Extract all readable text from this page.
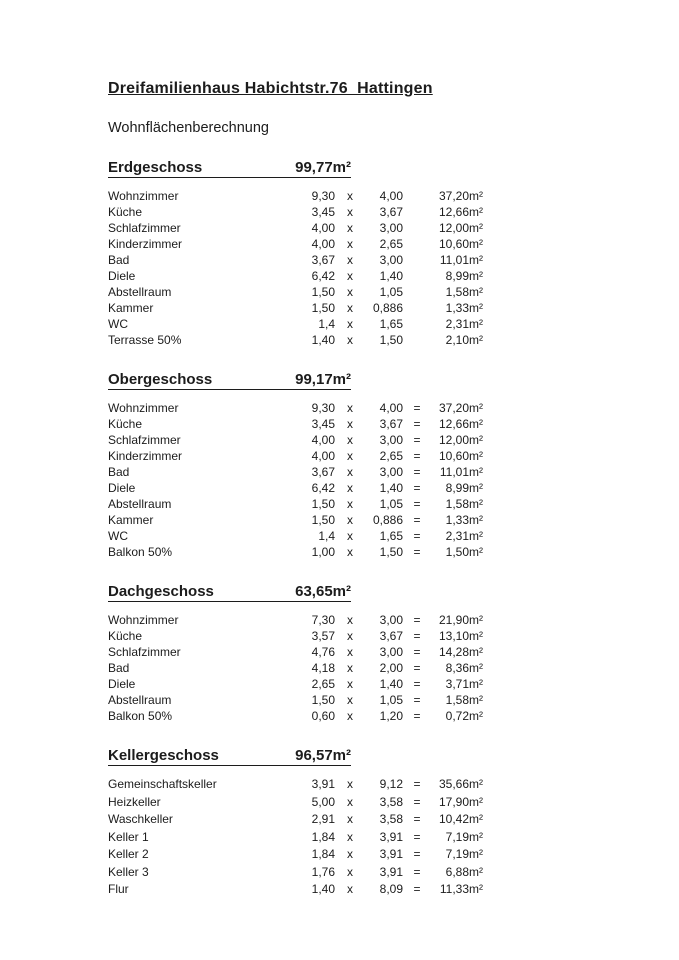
Dreifamilienhaus Habichtstr.76  Hattingen
Wohnflächenberechnung
Erdgeschoss	99,77m²
Wohnzimmer	9,30	x	4,00	37,20m²
Küche	3,45	x	3,67	12,66m²
Schlafzimmer	4,00	x	3,00	12,00m²
Kinderzimmer	4,00	x	2,65	10,60m²
Bad	3,67	x	3,00	11,01m²
Diele	6,42	x	1,40	8,99m²
Abstellraum	1,50	x	1,05	1,58m²
Kammer	1,50	x	0,886	1,33m²
WC	1,4	x	1,65	2,31m²
Terrasse 50%	1,40	x	1,50	2,10m²
Obergeschoss	99,17m²
Wohnzimmer	9,30	x	4,00 =	37,20m²
Küche	3,45	x	3,67 =	12,66m²
Schlafzimmer	4,00	x	3,00 =	12,00m²
Kinderzimmer	4,00	x	2,65 =	10,60m²
Bad	3,67	x	3,00 =	11,01m²
Diele	6,42	x	1,40 =	8,99m²
Abstellraum	1,50	x	1,05 =	1,58m²
Kammer	1,50	x	0,886 =	1,33m²
WC	1,4	x	1,65 =	2,31m²
Balkon 50%	1,00	x	1,50 =	1,50m²
Dachgeschoss	63,65m²
Wohnzimmer	7,30	x	3,00 =	21,90m²
Küche	3,57	x	3,67 =	13,10m²
Schlafzimmer	4,76	x	3,00 =	14,28m²
Bad	4,18	x	2,00 =	8,36m²
Diele	2,65	x	1,40 =	3,71m²
Abstellraum	1,50	x	1,05 =	1,58m²
Balkon 50%	0,60	x	1,20 =	0,72m²
Kellergeschoss	96,57m²
Gemeinschaftskeller	3,91	x	9,12 =	35,66m²
Heizkeller	5,00	x	3,58 =	17,90m²
Waschkeller	2,91	x	3,58 =	10,42m²
Keller 1	1,84	x	3,91 =	7,19m²
Keller 2	1,84	x	3,91 =	7,19m²
Keller 3	1,76	x	3,91 =	6,88m²
Flur	1,40	x	8,09 =	11,33m²
